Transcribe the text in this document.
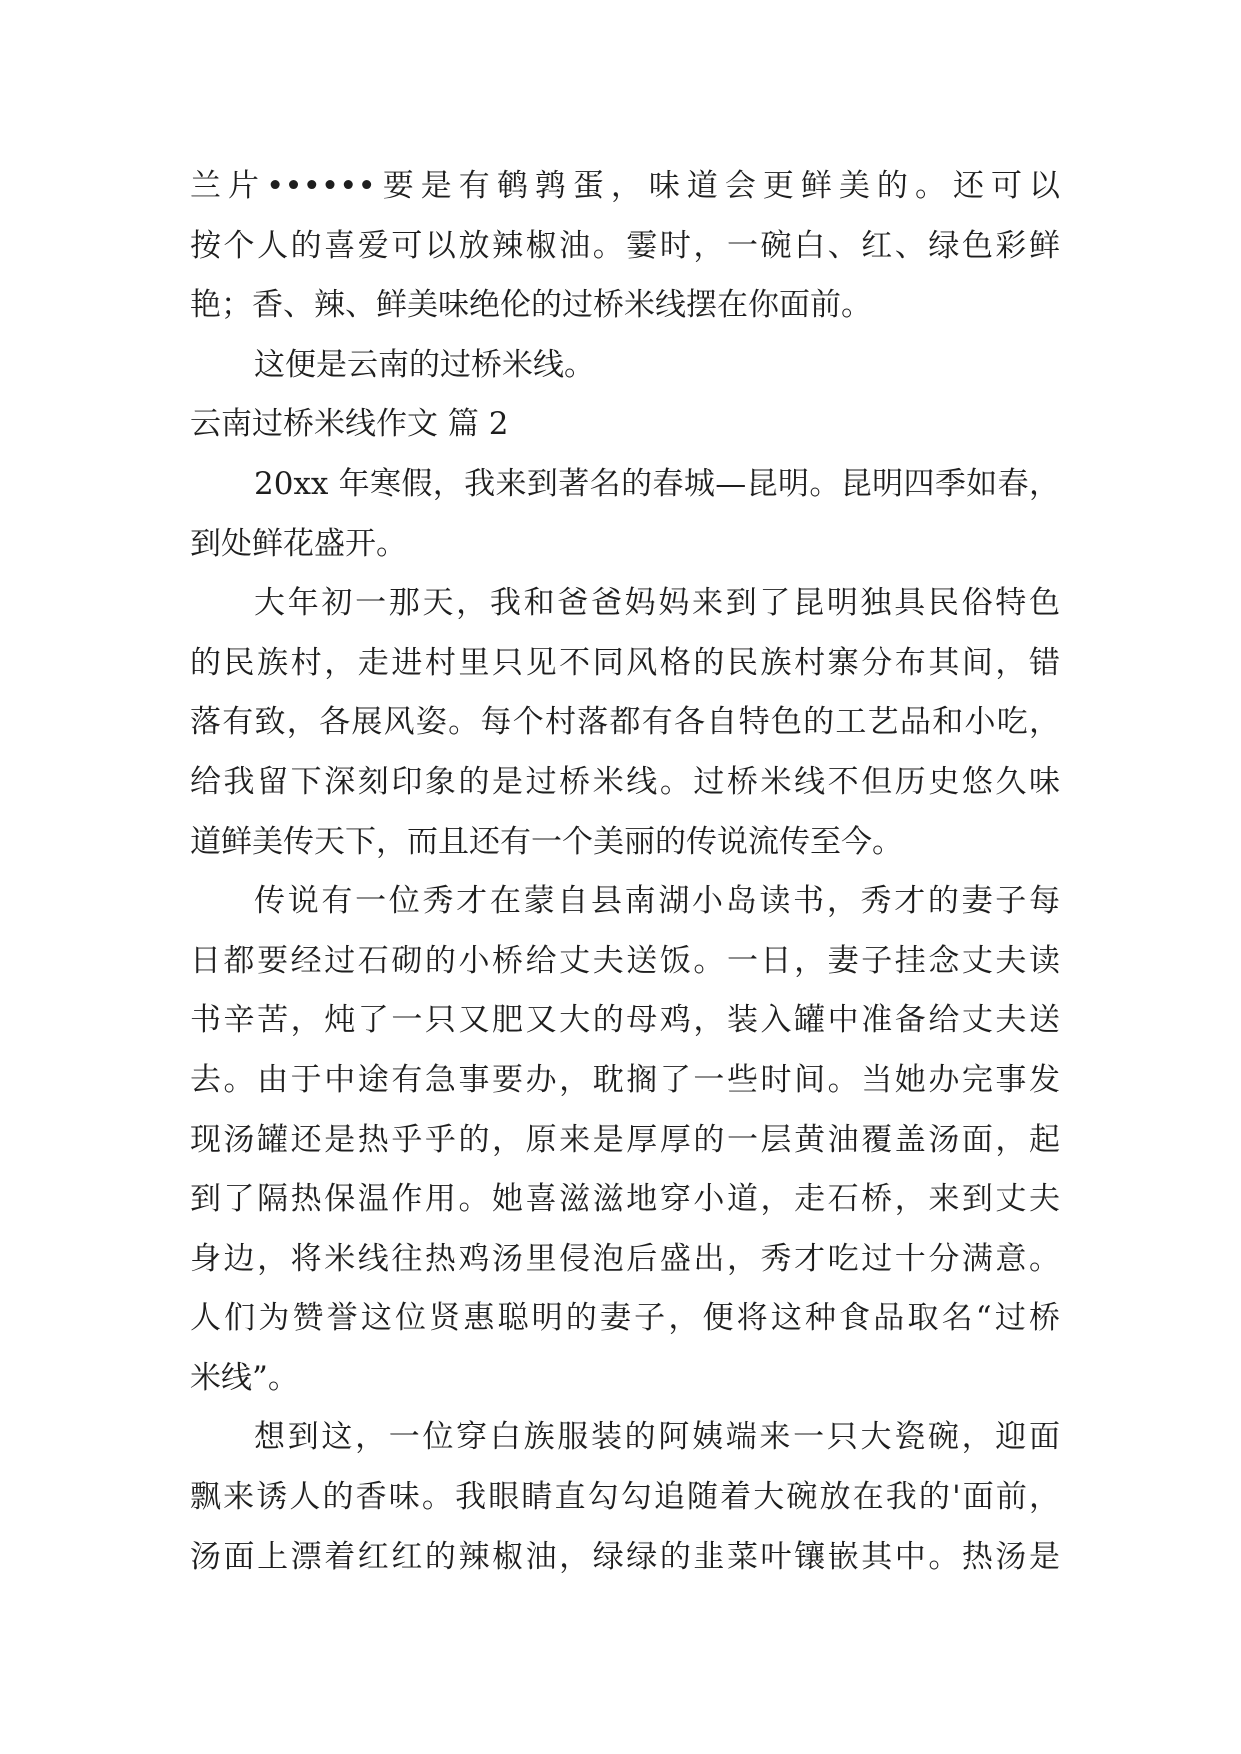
兰片••••••要是有鹌鹑蛋，味道会更鲜美的。还可以
按个人的喜爱可以放辣椒油。霎时，一碗白、红、绿色彩鲜
艳；香、辣、鲜美味绝伦的过桥米线摆在你面前。
这便是云南的过桥米线。
云南过桥米线作文 篇 2
20xx 年寒假，我来到著名的春城—昆明。昆明四季如春，
到处鲜花盛开。
大年初一那天，我和爸爸妈妈来到了昆明独具民俗特色
的民族村，走进村里只见不同风格的民族村寨分布其间，错
落有致，各展风姿。每个村落都有各自特色的工艺品和小吃，
给我留下深刻印象的是过桥米线。过桥米线不但历史悠久味
道鲜美传天下，而且还有一个美丽的传说流传至今。
传说有一位秀才在蒙自县南湖小岛读书，秀才的妻子每
日都要经过石砌的小桥给丈夫送饭。一日，妻子挂念丈夫读
书辛苦，炖了一只又肥又大的母鸡，装入罐中准备给丈夫送
去。由于中途有急事要办，耽搁了一些时间。当她办完事发
现汤罐还是热乎乎的，原来是厚厚的一层黄油覆盖汤面，起
到了隔热保温作用。她喜滋滋地穿小道，走石桥，来到丈夫
身边，将米线往热鸡汤里侵泡后盛出，秀才吃过十分满意。
人们为赞誉这位贤惠聪明的妻子，便将这种食品取名“过桥
米线”。
想到这，一位穿白族服装的阿姨端来一只大瓷碗，迎面
飘来诱人的香味。我眼睛直勾勾追随着大碗放在我的'面前，
汤面上漂着红红的辣椒油，绿绿的韭菜叶镶嵌其中。热汤是
